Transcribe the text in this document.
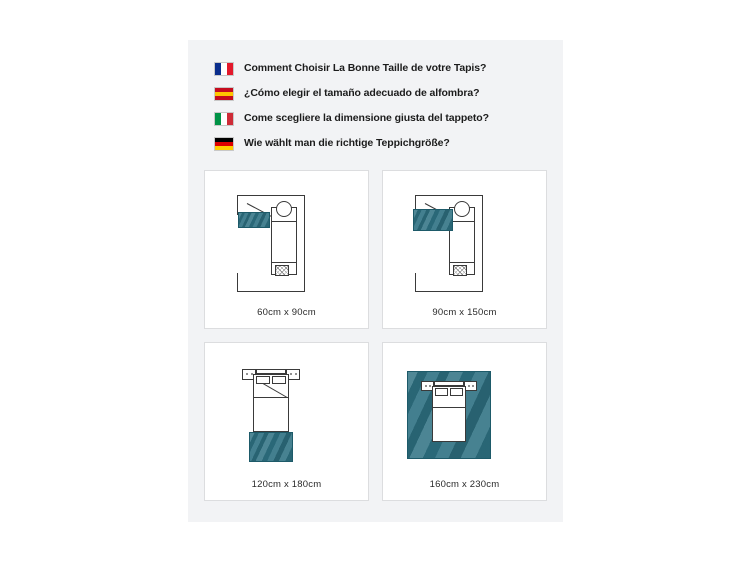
Comment Choisir La Bonne Taille de votre Tapis?
¿Cómo elegir el tamaño adecuado de alfombra?
Come scegliere la dimensione giusta del tappeto?
Wie wählt man die richtige Teppichgröße?
60cm x 90cm	90cm x 150cm
120cm x 180cm	160cm x 230cm
